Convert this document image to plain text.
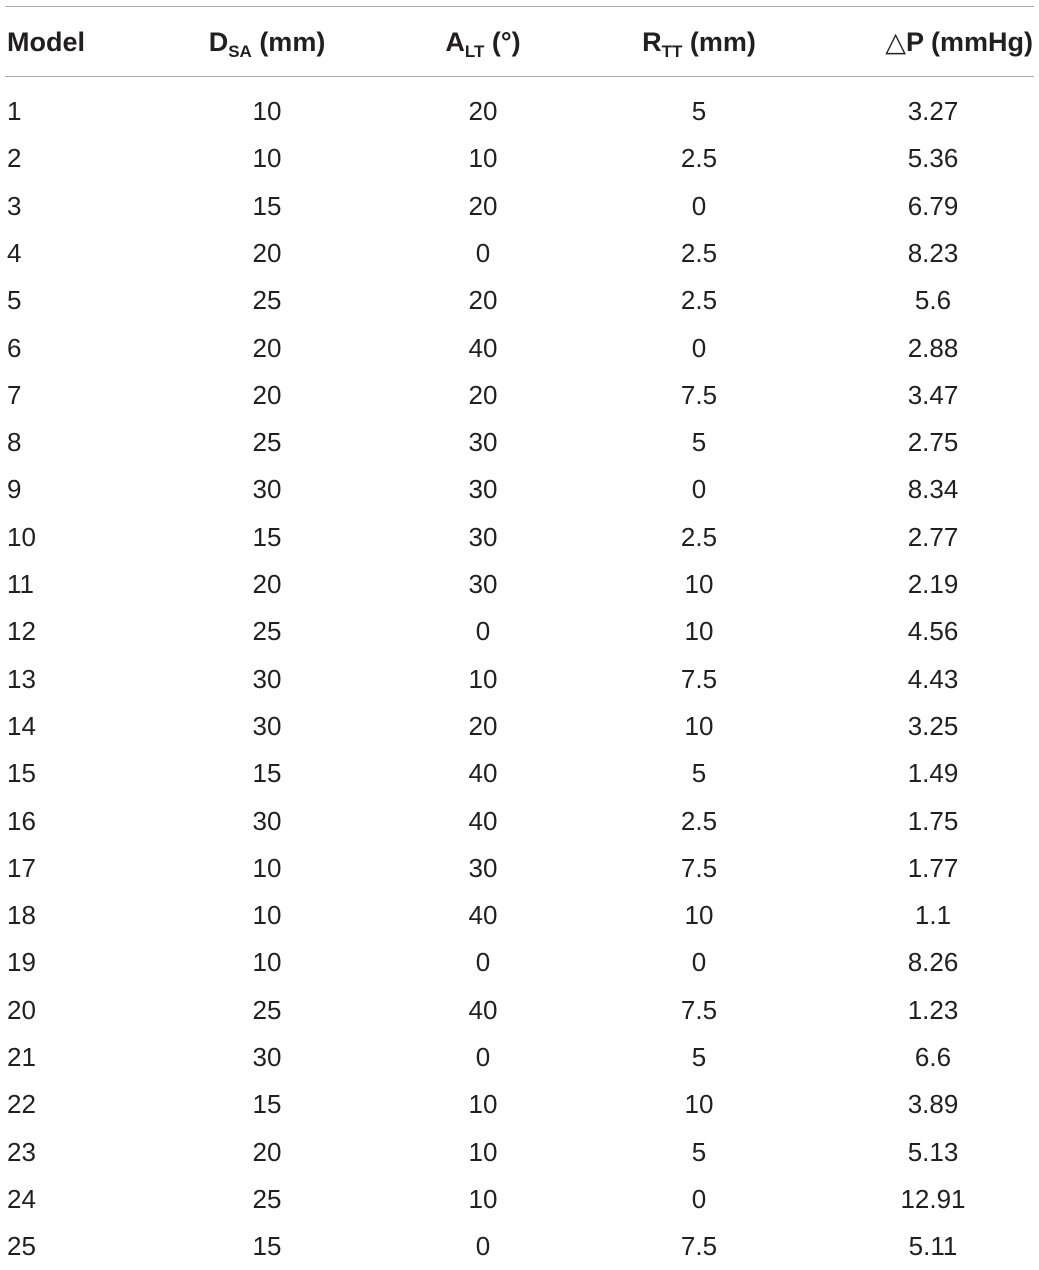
Model	$D_{SA}$ (mm)	$A_{LT}$ (°)	$R_{TT}$ (mm)	△P (mmHg)
1	10	20	5	3.27
2	10	10	2.5	5.36
3	15	20	0	6.79
4	20	0	2.5	8.23
5	25	20	2.5	5.6
6	20	40	0	2.88
7	20	20	7.5	3.47
8	25	30	5	2.75
9	30	30	0	8.34
10	15	30	2.5	2.77
11	20	30	10	2.19
12	25	0	10	4.56
13	30	10	7.5	4.43
14	30	20	10	3.25
15	15	40	5	1.49
16	30	40	2.5	1.75
17	10	30	7.5	1.77
18	10	40	10	1.1
19	10	0	0	8.26
20	25	40	7.5	1.23
21	30	0	5	6.6
22	15	10	10	3.89
23	20	10	5	5.13
24	25	10	0	12.91
25	15	0	7.5	5.11
